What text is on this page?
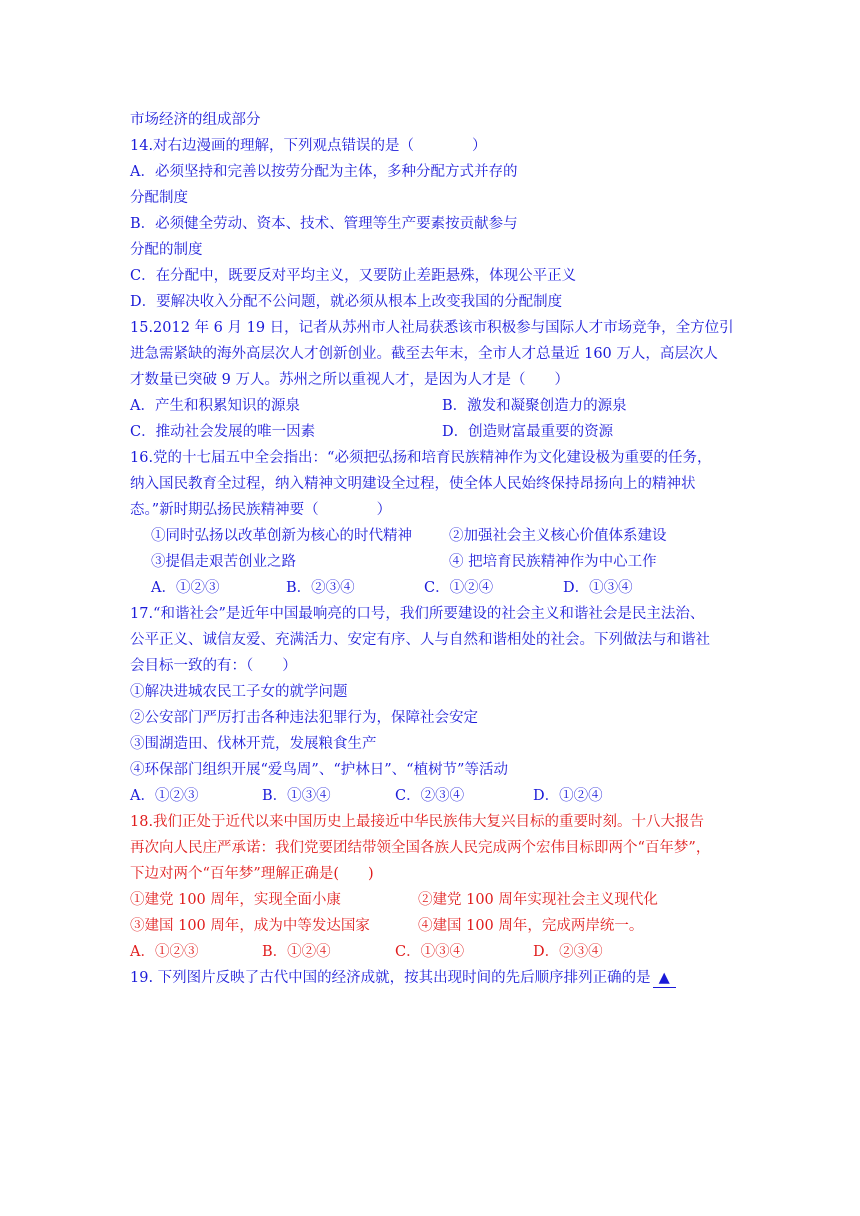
市场经济的组成部分
14.对右边漫画的理解，下列观点错误的是（　　　　）
A．必须坚持和完善以按劳分配为主体，多种分配方式并存的
分配制度
B．必须健全劳动、资本、技术、管理等生产要素按贡献参与
分配的制度
C．在分配中，既要反对平均主义，又要防止差距悬殊，体现公平正义
D．要解决收入分配不公问题，就必须从根本上改变我国的分配制度
15.2012 年 6 月 19 日，记者从苏州市人社局获悉该市积极参与国际人才市场竞争，全方位引
进急需紧缺的海外高层次人才创新创业。截至去年末，全市人才总量近 160 万人，高层次人
才数量已突破 9 万人。苏州之所以重视人才，是因为人才是（　　）
A．产生和积累知识的源泉	B．激发和凝聚创造力的源泉
C．推动社会发展的唯一因素	D．创造财富最重要的资源
16.党的十七届五中全会指出：“必须把弘扬和培育民族精神作为文化建设极为重要的任务，
纳入国民教育全过程，纳入精神文明建设全过程，使全体人民始终保持昂扬向上的精神状
态。”新时期弘扬民族精神要（　　　　）
①同时弘扬以改革创新为核心的时代精神	②加强社会主义核心价值体系建设
③提倡走艰苦创业之路	④ 把培育民族精神作为中心工作
A．①②③	B．②③④	C．①②④	D．①③④
17.“和谐社会”是近年中国最响亮的口号，我们所要建设的社会主义和谐社会是民主法治、
公平正义、诚信友爱、充满活力、安定有序、人与自然和谐相处的社会。下列做法与和谐社
会目标一致的有：（　　）
①解决进城农民工子女的就学问题
②公安部门严厉打击各种违法犯罪行为，保障社会安定
③围湖造田、伐林开荒，发展粮食生产
④环保部门组织开展“爱鸟周”、“护林日”、“植树节”等活动
A．①②③	B．①③④	C．②③④	D．①②④
18.我们正处于近代以来中国历史上最接近中华民族伟大复兴目标的重要时刻。十八大报告
再次向人民庄严承诺：我们党要团结带领全国各族人民完成两个宏伟目标即两个“百年梦”，
下边对两个“百年梦”理解正确是(　　)
①建党 100 周年，实现全面小康	②建党 100 周年实现社会主义现代化
③建国 100 周年，成为中等发达国家	④建国 100 周年，完成两岸统一。
A．①②③	B．①②④	C．①③④	D．②③④
19. 下列图片反映了古代中国的经济成就，按其出现时间的先后顺序排列正确的是 ▲
